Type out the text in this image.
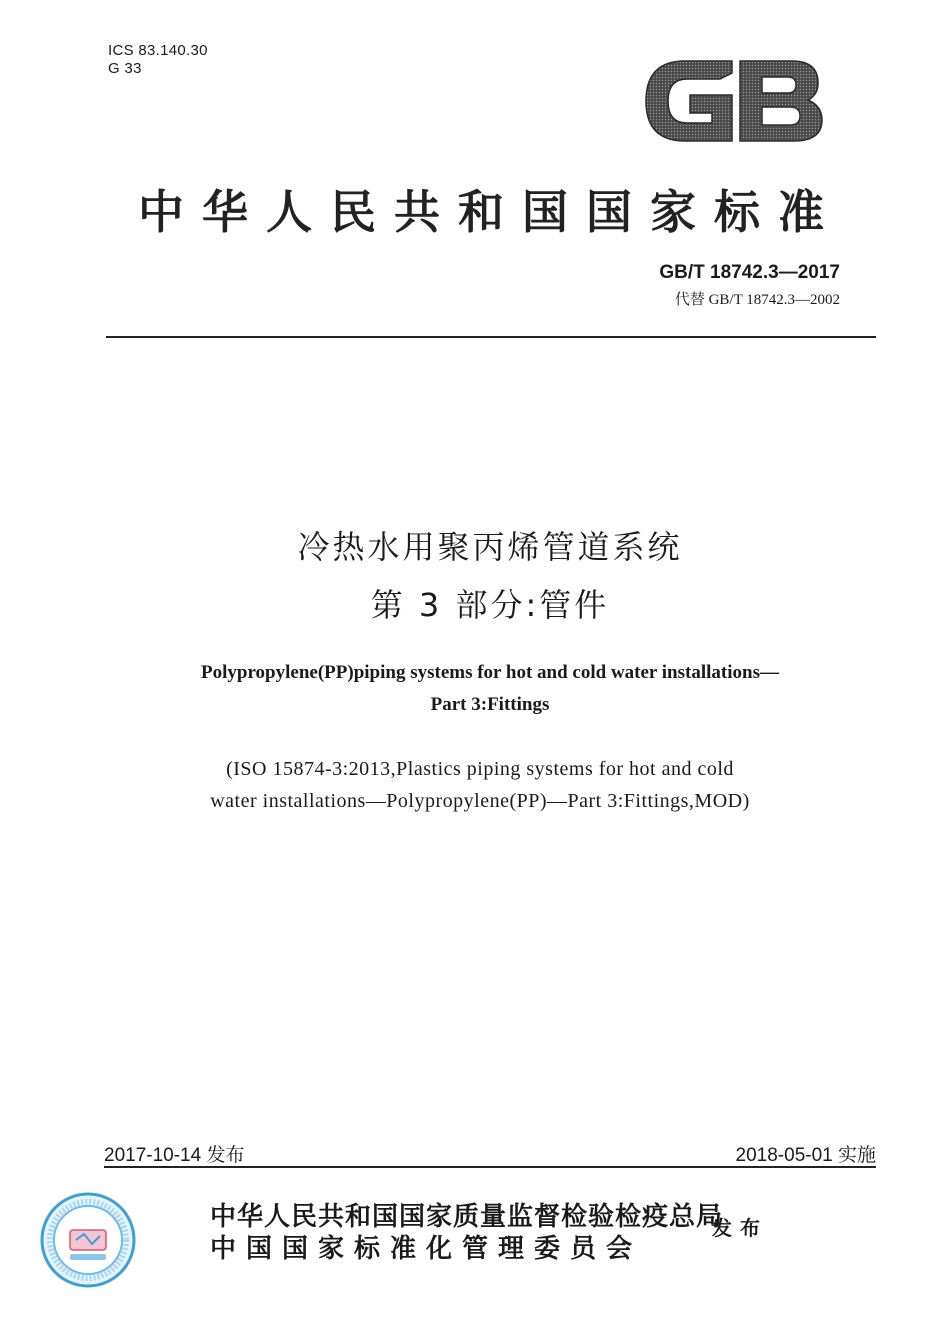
ICS 83.140.30
G 33
中华人民共和国国家标准
GB/T 18742.3—2017
代替 GB/T 18742.3—2002
冷热水用聚丙烯管道系统
第 3 部分:管件
Polypropylene(PP)piping systems for hot and cold water installations—
Part 3:Fittings
(ISO 15874-3:2013,Plastics piping systems for hot and cold
water installations—Polypropylene(PP)—Part 3:Fittings,MOD)
2017-10-14 发布	2018-05-01 实施
中华人民共和国国家质量监督检验检疫总局
中国国家标准化管理委员会
发布
